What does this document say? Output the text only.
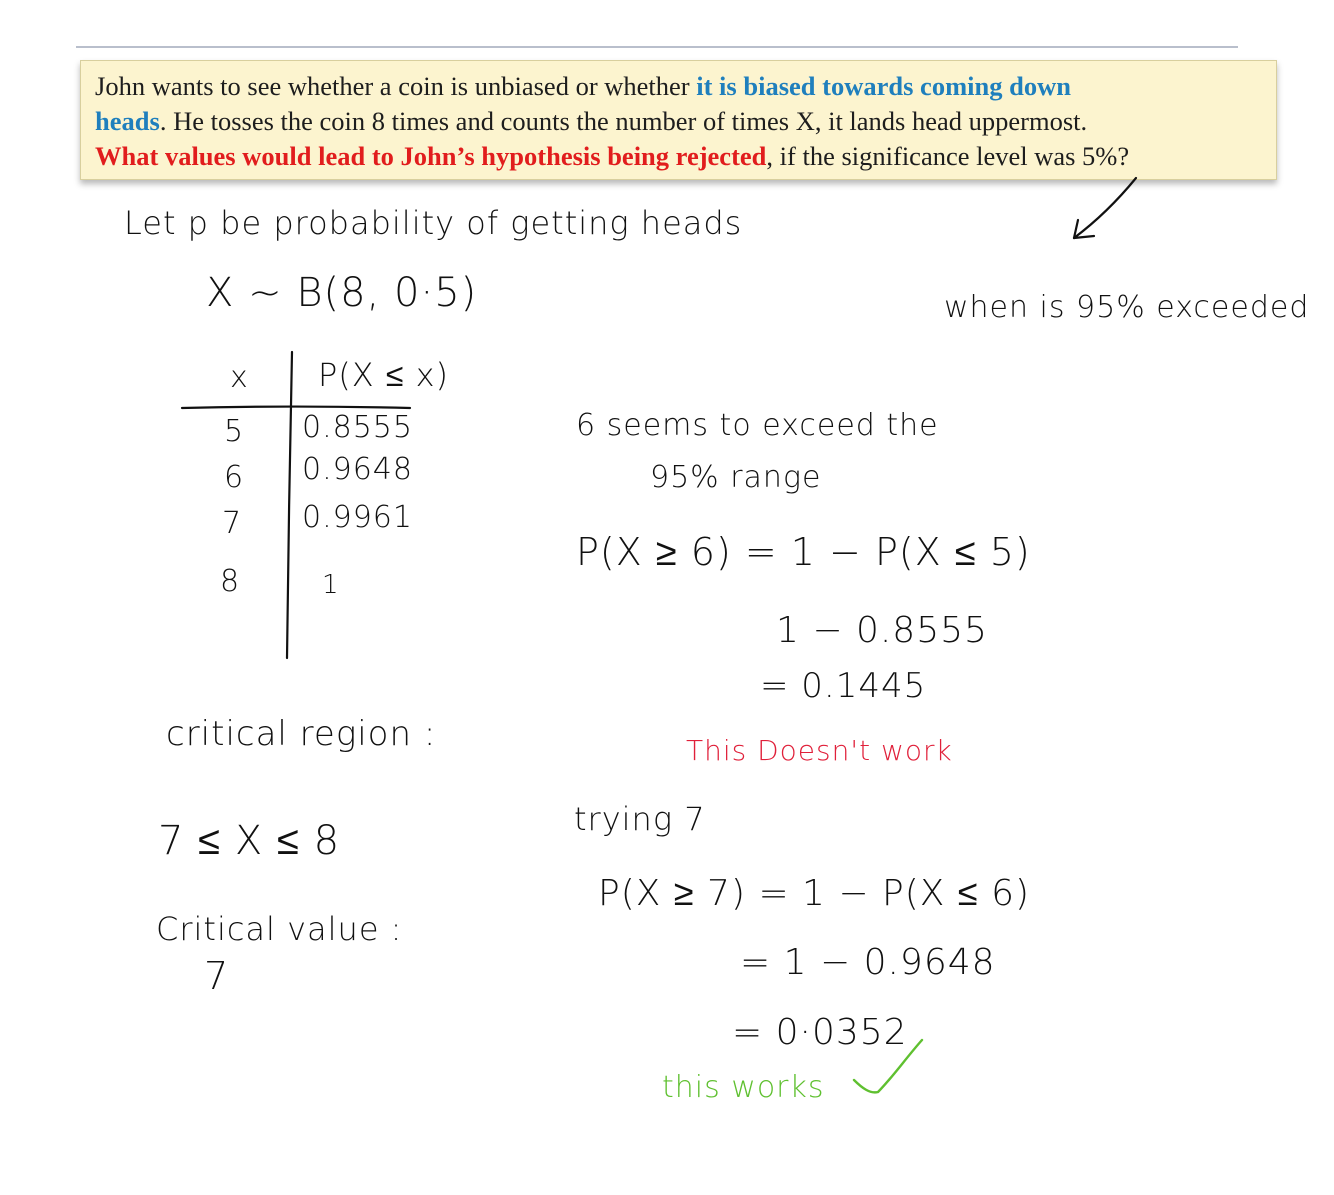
John wants to see whether a coin is unbiased or whether it is biased towards coming down
heads. He tosses the coin 8 times and counts the number of times X, it lands head uppermost.
What values would lead to John’s hypothesis being rejected, if the significance level was 5%?

Let p be probability of getting heads

X ~ B(8, 0·5)	when is 95% exceeded

x P(X ≤ x)

5 0.8555

6 0.9648

7 0.9961

8	1

6 seems to exceed the

95% range

P(X ≥ 6) = 1 − P(X ≤ 5)

1 − 0.8555

= 0.1445

This Doesn't work

trying 7

P(X ≥ 7) = 1 − P(X ≤ 6)

= 1 − 0.9648

= 0·0352

this works

critical region :

7 ≤ X ≤ 8

Critical value :

7
